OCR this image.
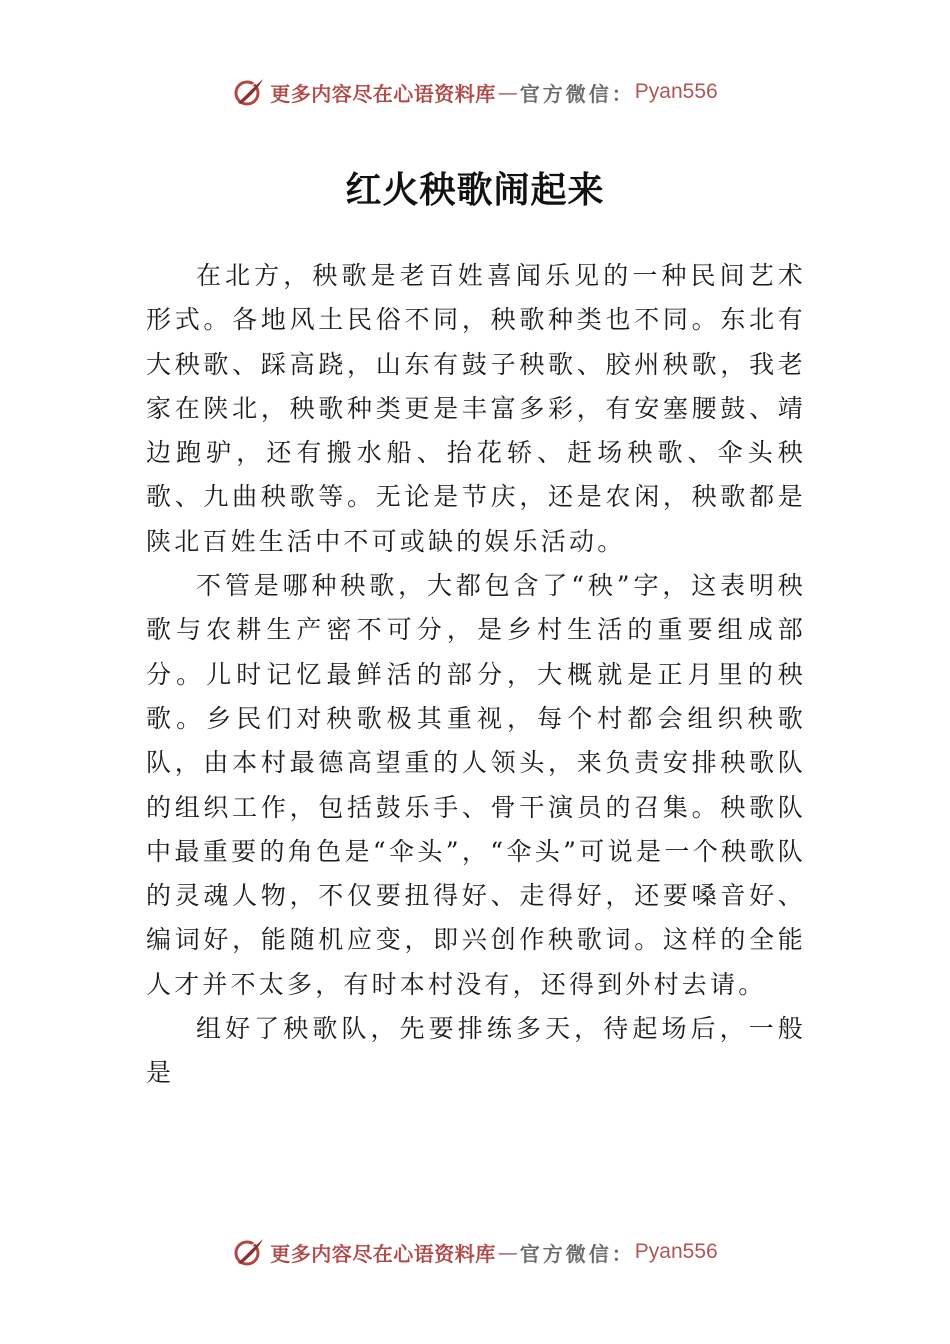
更多内容尽在心语资料库 — 官方微信： Pyan556
红火秧歌闹起来

在北方，秧歌是老百姓喜闻乐见的一种民间艺术形式。各地风土民俗不同，秧歌种类也不同。东北有大秧歌、踩高跷，山东有鼓子秧歌、胶州秧歌，我老家在陕北，秧歌种类更是丰富多彩，有安塞腰鼓、靖边跑驴，还有搬水船、抬花轿、赶场秧歌、伞头秧歌、九曲秧歌等。无论是节庆，还是农闲，秧歌都是陕北百姓生活中不可或缺的娱乐活动。

不管是哪种秧歌，大都包含了“秧”字，这表明秧歌与农耕生产密不可分，是乡村生活的重要组成部分。儿时记忆最鲜活的部分，大概就是正月里的秧歌。乡民们对秧歌极其重视，每个村都会组织秧歌队，由本村最德高望重的人领头，来负责安排秧歌队的组织工作，包括鼓乐手、骨干演员的召集。秧歌队中最重要的角色是“伞头”，“伞头”可说是一个秧歌队的灵魂人物，不仅要扭得好、走得好，还要嗓音好、编词好，能随机应变，即兴创作秧歌词。这样的全能人才并不太多，有时本村没有，还得到外村去请。

组好了秧歌队，先要排练多天，待起场后，一般是

更多内容尽在心语资料库 — 官方微信： Pyan556
